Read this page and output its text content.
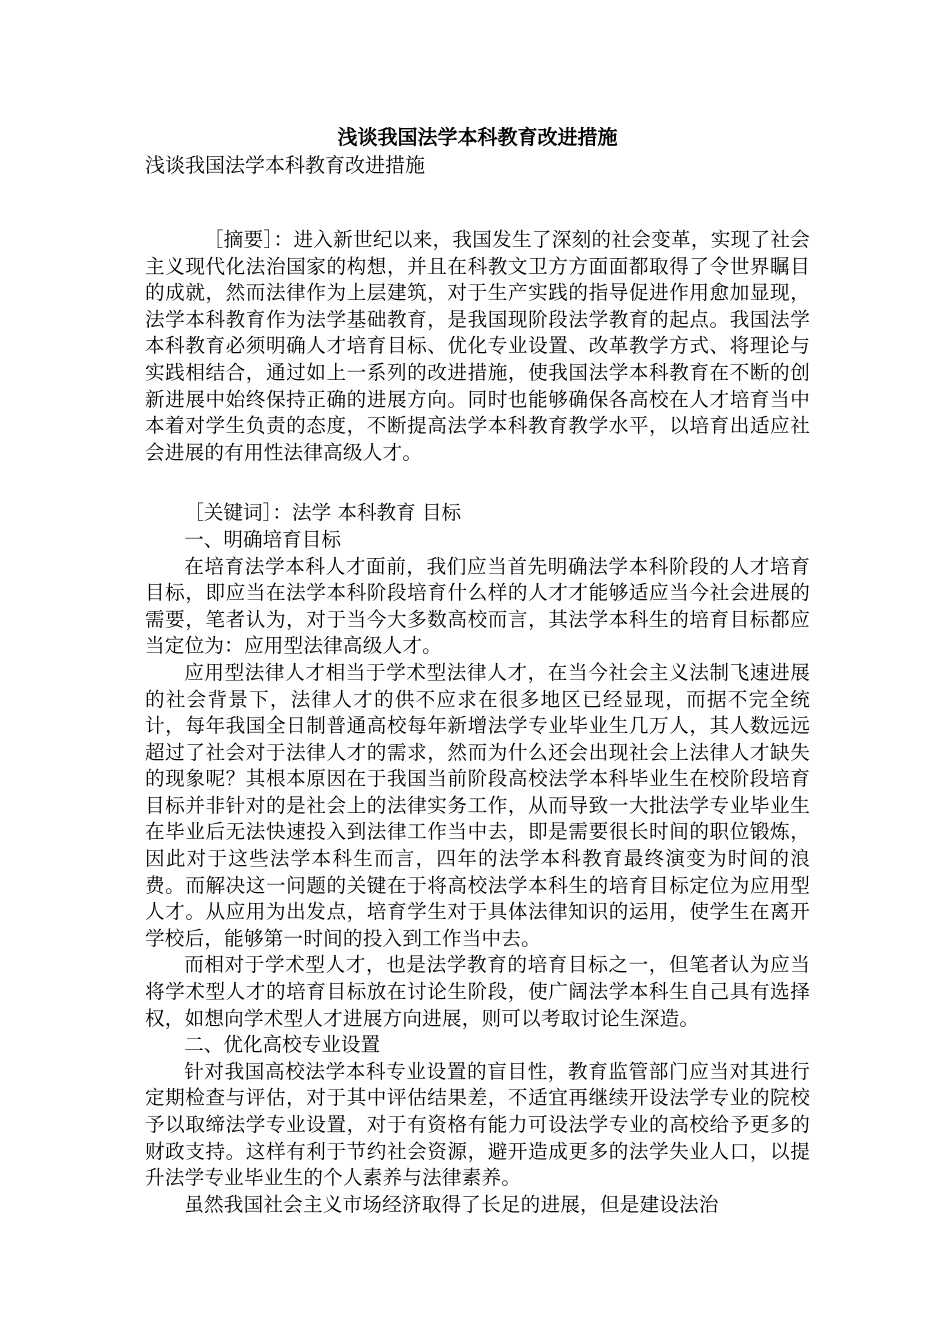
浅谈我国法学本科教育改进措施
浅谈我国法学本科教育改进措施

［摘要］：进入新世纪以来，我国发生了深刻的社会变革，实现了社会主义现代化法治国家的构想，并且在科教文卫方方面面都取得了令世界瞩目的成就，然而法律作为上层建筑，对于生产实践的指导促进作用愈加显现，法学本科教育作为法学基础教育，是我国现阶段法学教育的起点。我国法学本科教育必须明确人才培育目标、优化专业设置、改革教学方式、将理论与实践相结合，通过如上一系列的改进措施，使我国法学本科教育在不断的创新进展中始终保持正确的进展方向。同时也能够确保各高校在人才培育当中本着对学生负责的态度，不断提高法学本科教育教学水平，以培育出适应社会进展的有用性法律高级人才。

［关键词］：法学 本科教育 目标

一、明确培育目标

在培育法学本科人才面前，我们应当首先明确法学本科阶段的人才培育目标，即应当在法学本科阶段培育什么样的人才才能够适应当今社会进展的需要，笔者认为，对于当今大多数高校而言，其法学本科生的培育目标都应当定位为：应用型法律高级人才。

应用型法律人才相当于学术型法律人才，在当今社会主义法制飞速进展的社会背景下，法律人才的供不应求在很多地区已经显现，而据不完全统计，每年我国全日制普通高校每年新增法学专业毕业生几万人，其人数远远超过了社会对于法律人才的需求，然而为什么还会出现社会上法律人才缺失的现象呢？其根本原因在于我国当前阶段高校法学本科毕业生在校阶段培育目标并非针对的是社会上的法律实务工作，从而导致一大批法学专业毕业生在毕业后无法快速投入到法律工作当中去，即是需要很长时间的职位锻炼，因此对于这些法学本科生而言，四年的法学本科教育最终演变为时间的浪费。而解决这一问题的关键在于将高校法学本科生的培育目标定位为应用型人才。从应用为出发点，培育学生对于具体法律知识的运用，使学生在离开学校后，能够第一时间的投入到工作当中去。

而相对于学术型人才，也是法学教育的培育目标之一，但笔者认为应当将学术型人才的培育目标放在讨论生阶段，使广阔法学本科生自己具有选择权，如想向学术型人才进展方向进展，则可以考取讨论生深造。

二、优化高校专业设置

针对我国高校法学本科专业设置的盲目性，教育监管部门应当对其进行定期检查与评估，对于其中评估结果差，不适宜再继续开设法学专业的院校予以取缔法学专业设置，对于有资格有能力可设法学专业的高校给予更多的财政支持。这样有利于节约社会资源，避开造成更多的法学失业人口，以提升法学专业毕业生的个人素养与法律素养。

虽然我国社会主义市场经济取得了长足的进展，但是建设法治
